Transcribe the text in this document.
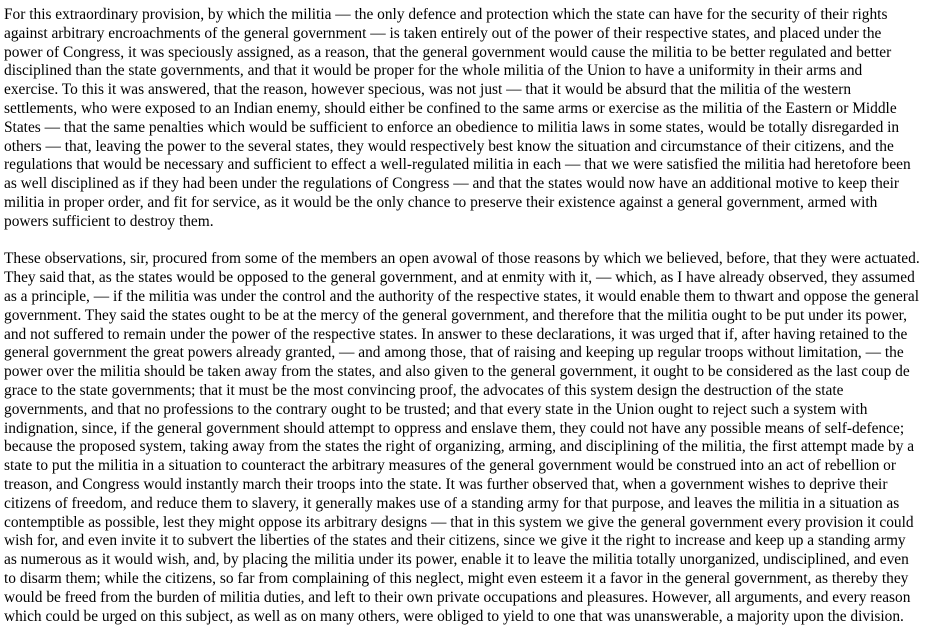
For this extraordinary provision, by which the militia — the only defence and protection which the state can have for the security of their rights against arbitrary encroachments of the general government — is taken entirely out of the power of their respective states, and placed under the power of Congress, it was speciously assigned, as a reason, that the general government would cause the militia to be better regulated and better disciplined than the state governments, and that it would be proper for the whole militia of the Union to have a uniformity in their arms and exercise. To this it was answered, that the reason, however specious, was not just — that it would be absurd that the militia of the western settlements, who were exposed to an Indian enemy, should either be confined to the same arms or exercise as the militia of the Eastern or Middle States — that the same penalties which would be sufficient to enforce an obedience to militia laws in some states, would be totally disregarded in others — that, leaving the power to the several states, they would respectively best know the situation and circumstance of their citizens, and the regulations that would be necessary and sufficient to effect a well-regulated militia in each — that we were satisfied the militia had heretofore been as well disciplined as if they had been under the regulations of Congress — and that the states would now have an additional motive to keep their militia in proper order, and fit for service, as it would be the only chance to preserve their existence against a general government, armed with powers sufficient to destroy them.

These observations, sir, procured from some of the members an open avowal of those reasons by which we believed, before, that they were actuated. They said that, as the states would be opposed to the general government, and at enmity with it, — which, as I have already observed, they assumed as a principle, — if the militia was under the control and the authority of the respective states, it would enable them to thwart and oppose the general government. They said the states ought to be at the mercy of the general government, and therefore that the militia ought to be put under its power, and not suffered to remain under the power of the respective states. In answer to these declarations, it was urged that if, after having retained to the general government the great powers already granted, — and among those, that of raising and keeping up regular troops without limitation, — the power over the militia should be taken away from the states, and also given to the general government, it ought to be considered as the last coup de grace to the state governments; that it must be the most convincing proof, the advocates of this system design the destruction of the state governments, and that no professions to the contrary ought to be trusted; and that every state in the Union ought to reject such a system with indignation, since, if the general government should attempt to oppress and enslave them, they could not have any possible means of self-defence; because the proposed system, taking away from the states the right of organizing, arming, and disciplining of the militia, the first attempt made by a state to put the militia in a situation to counteract the arbitrary measures of the general government would be construed into an act of rebellion or treason, and Congress would instantly march their troops into the state. It was further observed that, when a government wishes to deprive their citizens of freedom, and reduce them to slavery, it generally makes use of a standing army for that purpose, and leaves the militia in a situation as contemptible as possible, lest they might oppose its arbitrary designs — that in this system we give the general government every provision it could wish for, and even invite it to subvert the liberties of the states and their citizens, since we give it the right to increase and keep up a standing army as numerous as it would wish, and, by placing the militia under its power, enable it to leave the militia totally unorganized, undisciplined, and even to disarm them; while the citizens, so far from complaining of this neglect, might even esteem it a favor in the general government, as thereby they would be freed from the burden of militia duties, and left to their own private occupations and pleasures. However, all arguments, and every reason which could be urged on this subject, as well as on many others, were obliged to yield to one that was unanswerable, a majority upon the division.
